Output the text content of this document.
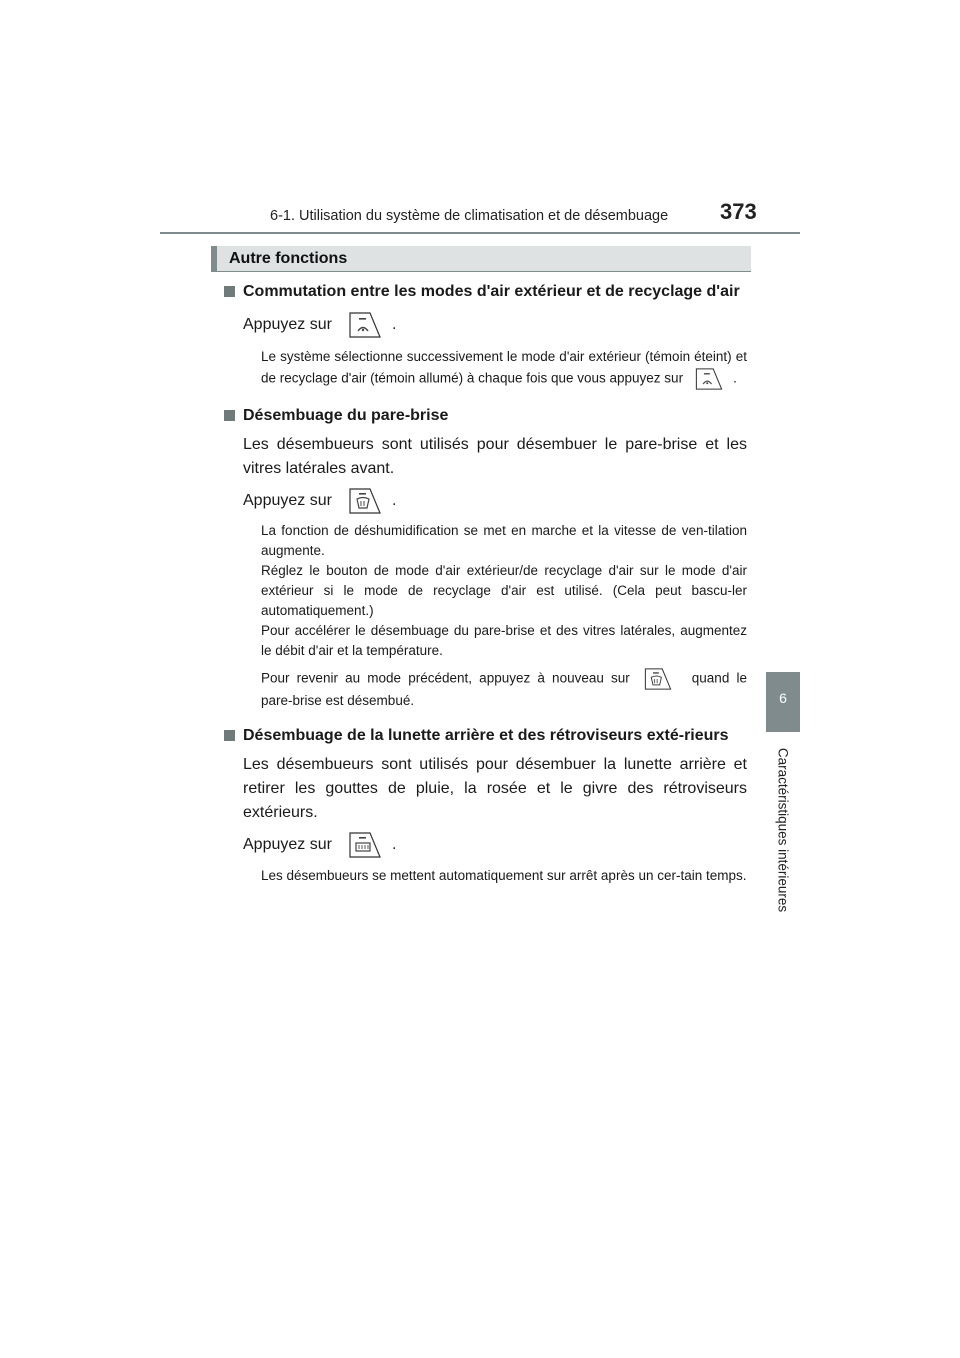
6-1. Utilisation du système de climatisation et de désembuage 373
6
Caractéristiques intérieures
Autre fonctions
Commutation entre les modes d'air extérieur et de recyclage d'air
Appuyez sur	.
Le système sélectionne successivement le mode d'air extérieur (témoin éteint) et de recyclage d'air (témoin allumé) à chaque fois que vous appuyez sur	.
Désembuage du pare-brise
Les désembueurs sont utilisés pour désembuer le pare-brise et les vitres latérales avant.
Appuyez sur	.

La fonction de déshumidification se met en marche et la vitesse de ven-tilation augmente.

Réglez le bouton de mode d'air extérieur/de recyclage d'air sur le mode d'air extérieur si le mode de recyclage d'air est utilisé. (Cela peut bascu-ler automatiquement.)

Pour accélérer le désembuage du pare-brise et des vitres latérales, augmentez le débit d'air et la température.

Pour revenir au mode précédent, appuyez à nouveau sur	quand le pare-brise est désembué.

Désembuage de la lunette arrière et des rétroviseurs exté-rieurs
Les désembueurs sont utilisés pour désembuer la lunette arrière et retirer les gouttes de pluie, la rosée et le givre des rétroviseurs extérieurs.
Appuyez sur	.

Les désembueurs se mettent automatiquement sur arrêt après un cer-tain temps.
